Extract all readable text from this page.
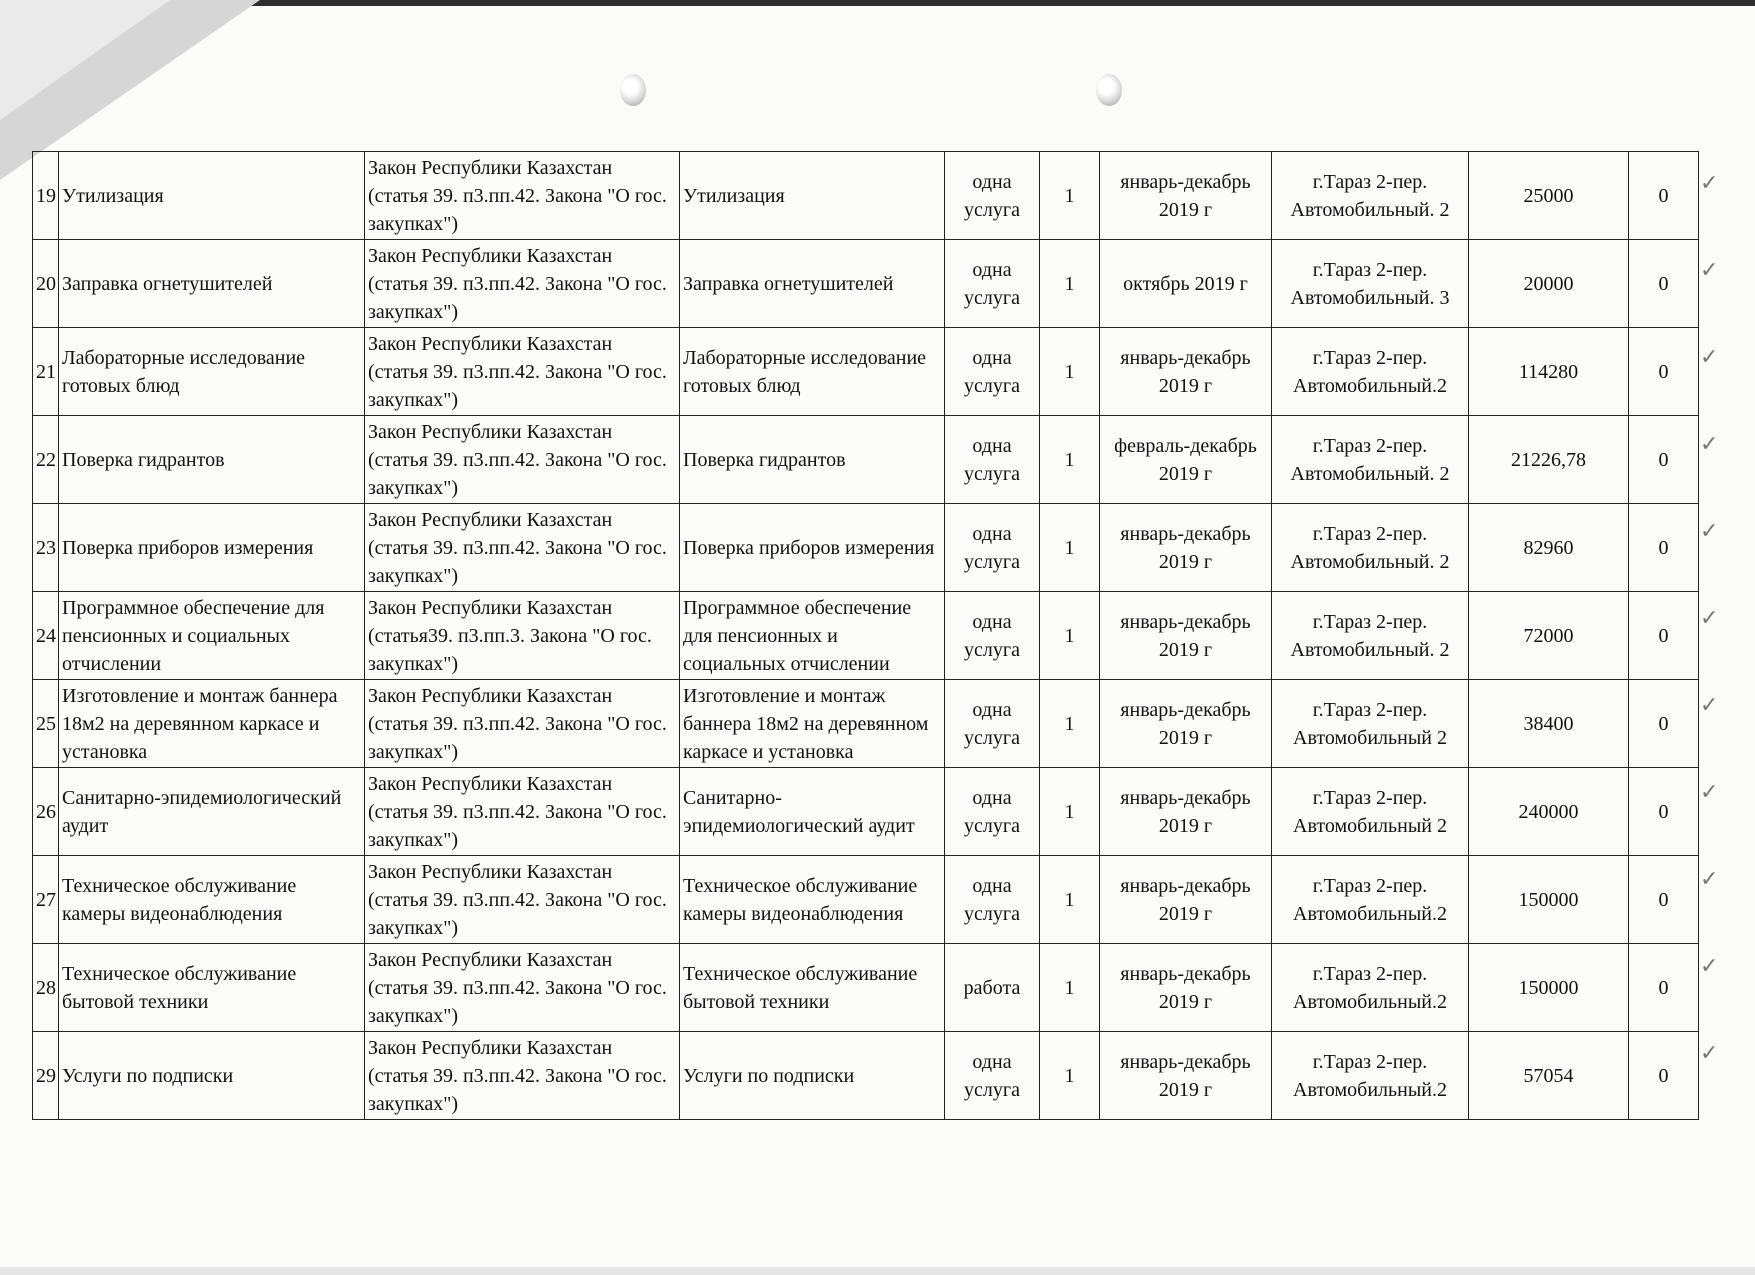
19	Утилизация	Закон Республики Казахстан (статья 39. п3.пп.42. Закона "О гос. закупках")	Утилизация	одна услуга	1	январь-декабрь 2019 г	г.Тараз 2-пер. Автомобильный. 2	25000	0
20	Заправка огнетушителей	Закон Республики Казахстан (статья 39. п3.пп.42. Закона "О гос. закупках")	Заправка огнетушителей	одна услуга	1	октябрь 2019 г	г.Тараз 2-пер. Автомобильный. 3	20000	0
21	Лабораторные исследование готовых блюд	Закон Республики Казахстан (статья 39. п3.пп.42. Закона "О гос. закупках")	Лабораторные исследование готовых блюд	одна услуга	1	январь-декабрь 2019 г	г.Тараз 2-пер. Автомобильный.2	114280	0
22	Поверка гидрантов	Закон Республики Казахстан (статья 39. п3.пп.42. Закона "О гос. закупках")	Поверка гидрантов	одна услуга	1	февраль-декабрь 2019 г	г.Тараз 2-пер. Автомобильный. 2	21226,78	0
23	Поверка приборов измерения	Закон Республики Казахстан (статья 39. п3.пп.42. Закона "О гос. закупках")	Поверка приборов измерения	одна услуга	1	январь-декабрь 2019 г	г.Тараз 2-пер. Автомобильный. 2	82960	0
24	Программное обеспечение для пенсионных и социальных отчислении	Закон Республики Казахстан (статья39. п3.пп.3. Закона "О гос. закупках")	Программное обеспечение для пенсионных и социальных отчислении	одна услуга	1	январь-декабрь 2019 г	г.Тараз 2-пер. Автомобильный. 2	72000	0
25	Изготовление и монтаж баннера 18м2 на деревянном каркасе и установка	Закон Республики Казахстан (статья 39. п3.пп.42. Закона "О гос. закупках")	Изготовление и монтаж баннера 18м2 на деревянном каркасе и установка	одна услуга	1	январь-декабрь 2019 г	г.Тараз 2-пер. Автомобильный 2	38400	0
26	Санитарно-эпидемиологический аудит	Закон Республики Казахстан (статья 39. п3.пп.42. Закона "О гос. закупках")	Санитарно-эпидемиологический аудит	одна услуга	1	январь-декабрь 2019 г	г.Тараз 2-пер. Автомобильный 2	240000	0
27	Техническое обслуживание камеры видеонаблюдения	Закон Республики Казахстан (статья 39. п3.пп.42. Закона "О гос. закупках")	Техническое обслуживание камеры видеонаблюдения	одна услуга	1	январь-декабрь 2019 г	г.Тараз 2-пер. Автомобильный.2	150000	0
28	Техническое обслуживание бытовой техники	Закон Республики Казахстан (статья 39. п3.пп.42. Закона "О гос. закупках")	Техническое обслуживание бытовой техники	работа	1	январь-декабрь 2019 г	г.Тараз 2-пер. Автомобильный.2	150000	0
29	Услуги по подписки	Закон Республики Казахстан (статья 39. п3.пп.42. Закона "О гос. закупках")	Услуги по подписки	одна услуга	1	январь-декабрь 2019 г	г.Тараз 2-пер. Автомобильный.2	57054	0
✓
✓
✓
✓
✓
✓
✓
✓
✓
✓
✓
